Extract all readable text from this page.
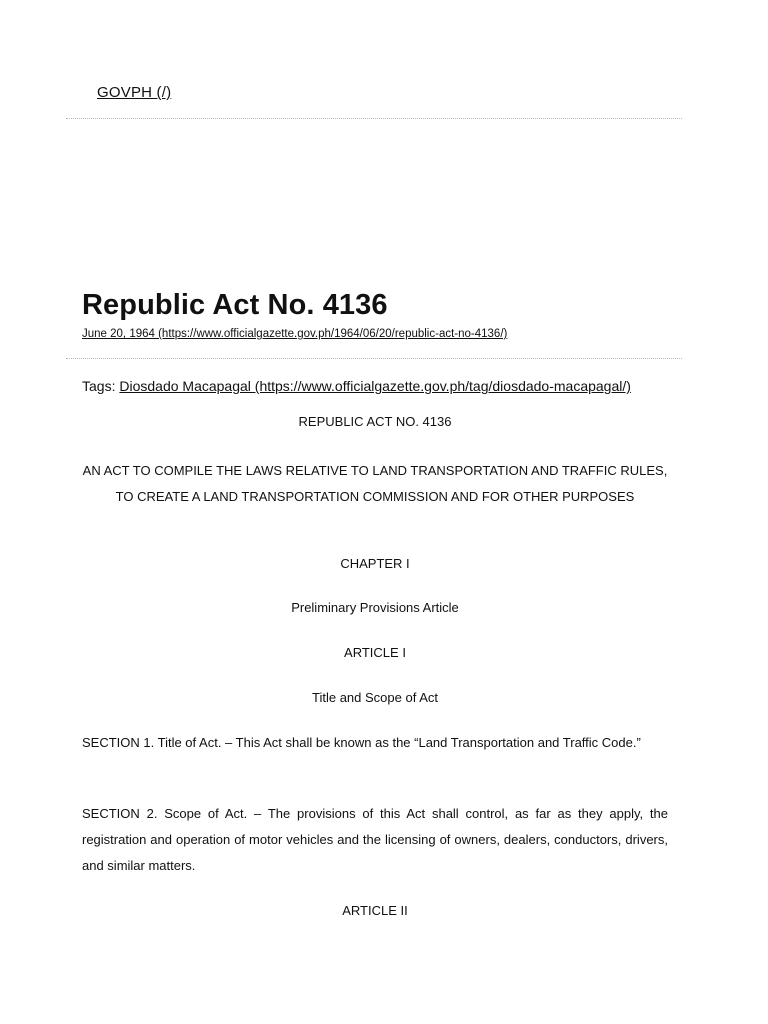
GOVPH (/)
Republic Act No. 4136
June 20, 1964 (https://www.officialgazette.gov.ph/1964/06/20/republic-act-no-4136/)
Tags: Diosdado Macapagal (https://www.officialgazette.gov.ph/tag/diosdado-macapagal/)
REPUBLIC ACT NO. 4136
AN ACT TO COMPILE THE LAWS RELATIVE TO LAND TRANSPORTATION AND TRAFFIC RULES, TO CREATE A LAND TRANSPORTATION COMMISSION AND FOR OTHER PURPOSES
CHAPTER I
Preliminary Provisions Article
ARTICLE I
Title and Scope of Act

SECTION 1. Title of Act. – This Act shall be known as the “Land Transportation and Traffic Code.”

SECTION 2. Scope of Act. – The provisions of this Act shall control, as far as they apply, the registration and operation of motor vehicles and the licensing of owners, dealers, conductors, drivers, and similar matters.

ARTICLE II
